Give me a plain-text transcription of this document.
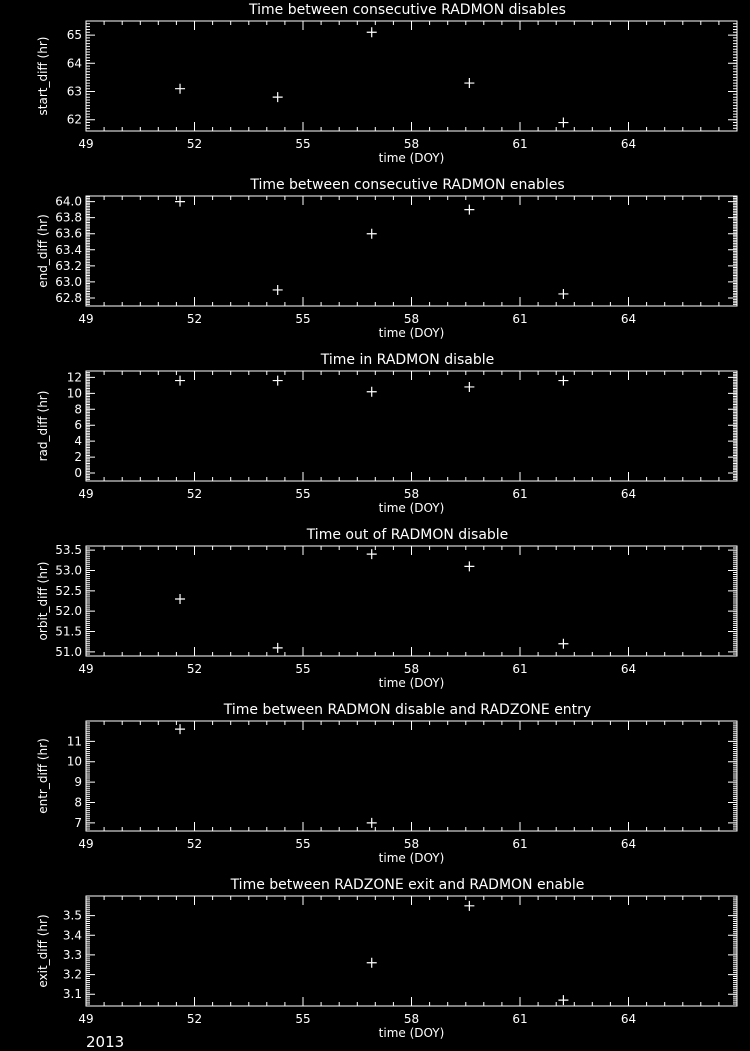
49	52	55	58	61	64
62
63
64
65
Time between consecutive RADMON disables
time (DOY)
start_diff (hr)
49	52	55	58	61	64
62.8
63.0
63.2
63.4
63.6
63.8
64.0
Time between consecutive RADMON enables
time (DOY)
end_diff (hr)
49	52	55	58	61	64
0
2
4
6
8
10
12
Time in RADMON disable
time (DOY)
rad_diff (hr)
49	52	55	58	61	64
51.0
51.5
52.0
52.5
53.0
53.5
Time out of RADMON disable
time (DOY)
orbit_diff (hr)
49	52	55	58	61	64
7
8
9
10
11
Time between RADMON disable and RADZONE entry
time (DOY)
entr_diff (hr)
49	52	55	58	61	64
3.1
3.2
3.3
3.4
3.5
Time between RADZONE exit and RADMON enable
time (DOY)
exit_diff (hr)
2013
